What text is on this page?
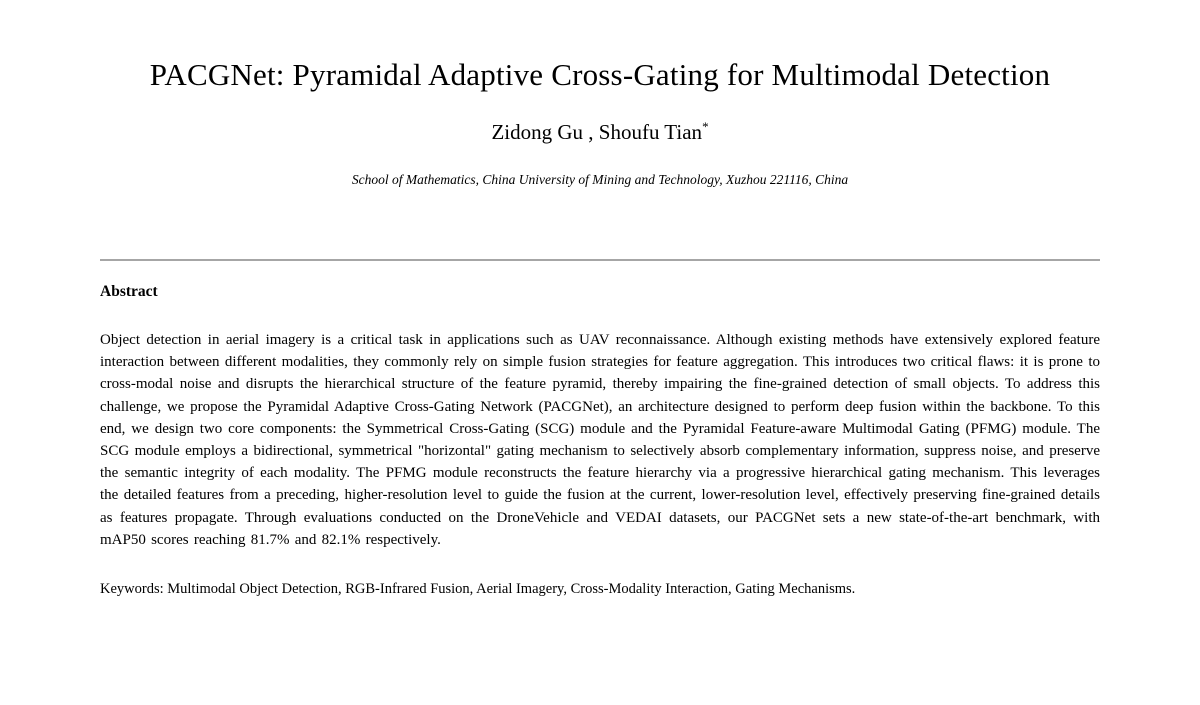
PACGNet: Pyramidal Adaptive Cross-Gating for Multimodal Detection
Zidong Gu , Shoufu Tian*
School of Mathematics, China University of Mining and Technology, Xuzhou 221116, China
Abstract
Object detection in aerial imagery is a critical task in applications such as UAV reconnaissance. Although existing methods have extensively explored feature interaction between different modalities, they commonly rely on simple fusion strategies for feature aggregation. This introduces two critical flaws: it is prone to cross-modal noise and disrupts the hierarchical structure of the feature pyramid, thereby impairing the fine-grained detection of small objects. To address this challenge, we propose the Pyramidal Adaptive Cross-Gating Network (PACGNet), an architecture designed to perform deep fusion within the backbone. To this end, we design two core components: the Symmetrical Cross-Gating (SCG) module and the Pyramidal Feature-aware Multimodal Gating (PFMG) module. The SCG module employs a bidirectional, symmetrical "horizontal" gating mechanism to selectively absorb complementary information, suppress noise, and preserve the semantic integrity of each modality. The PFMG module reconstructs the feature hierarchy via a progressive hierarchical gating mechanism. This leverages the detailed features from a preceding, higher-resolution level to guide the fusion at the current, lower-resolution level, effectively preserving fine-grained details as features propagate. Through evaluations conducted on the DroneVehicle and VEDAI datasets, our PACGNet sets a new state-of-the-art benchmark, with mAP50 scores reaching 81.7% and 82.1% respectively.
Keywords: Multimodal Object Detection, RGB-Infrared Fusion, Aerial Imagery, Cross-Modality Interaction, Gating Mechanisms.
